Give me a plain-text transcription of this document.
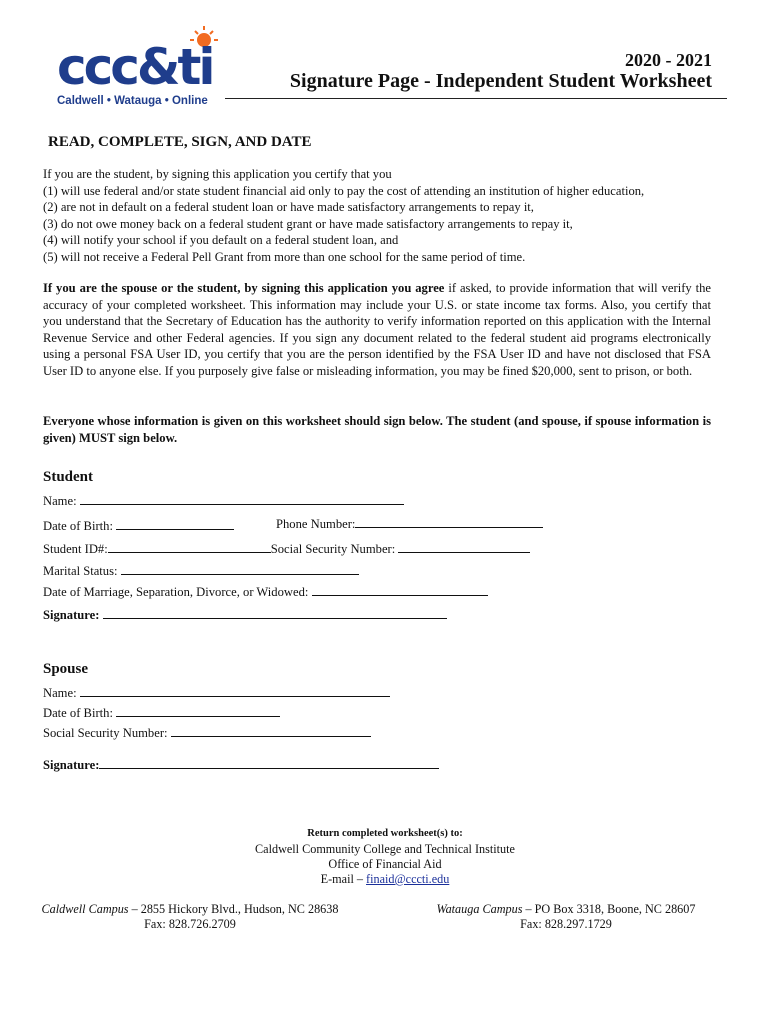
ccc&ti
Caldwell • Watauga • Online
2020 - 2021
Signature Page - Independent Student Worksheet
READ, COMPLETE, SIGN, AND DATE
If you are the student, by signing this application you certify that you
(1) will use federal and/or state student financial aid only to pay the cost of attending an institution of higher education,
(2) are not in default on a federal student loan or have made satisfactory arrangements to repay it,
(3) do not owe money back on a federal student grant or have made satisfactory arrangements to repay it,
(4) will notify your school if you default on a federal student loan, and
(5) will not receive a Federal Pell Grant from more than one school for the same period of time.
If you are the spouse or the student, by signing this application you agree if asked, to provide information that will verify the accuracy of your completed worksheet. This information may include your U.S. or state income tax forms. Also, you certify that you understand that the Secretary of Education has the authority to verify information reported on this application with the Internal Revenue Service and other Federal agencies. If you sign any document related to the federal student aid programs electronically using a personal FSA User ID, you certify that you are the person identified by the FSA User ID and have not disclosed that FSA User ID to anyone else. If you purposely give false or misleading information, you may be fined $20,000, sent to prison, or both.
Everyone whose information is given on this worksheet should sign below. The student (and spouse, if spouse information is given) MUST sign below.
Student
Name:
Date of Birth:	Phone Number:
Student ID#:	Social Security Number:
Marital Status:
Date of Marriage, Separation, Divorce, or Widowed:
Signature:
Spouse
Name:
Date of Birth:
Social Security Number:
Signature:
Return completed worksheet(s) to:
Caldwell Community College and Technical Institute
Office of Financial Aid
E-mail – finaid@cccti.edu
Caldwell Campus – 2855 Hickory Blvd., Hudson, NC 28638
Fax: 828.726.2709
Watauga Campus – PO Box 3318, Boone, NC 28607
Fax: 828.297.1729
